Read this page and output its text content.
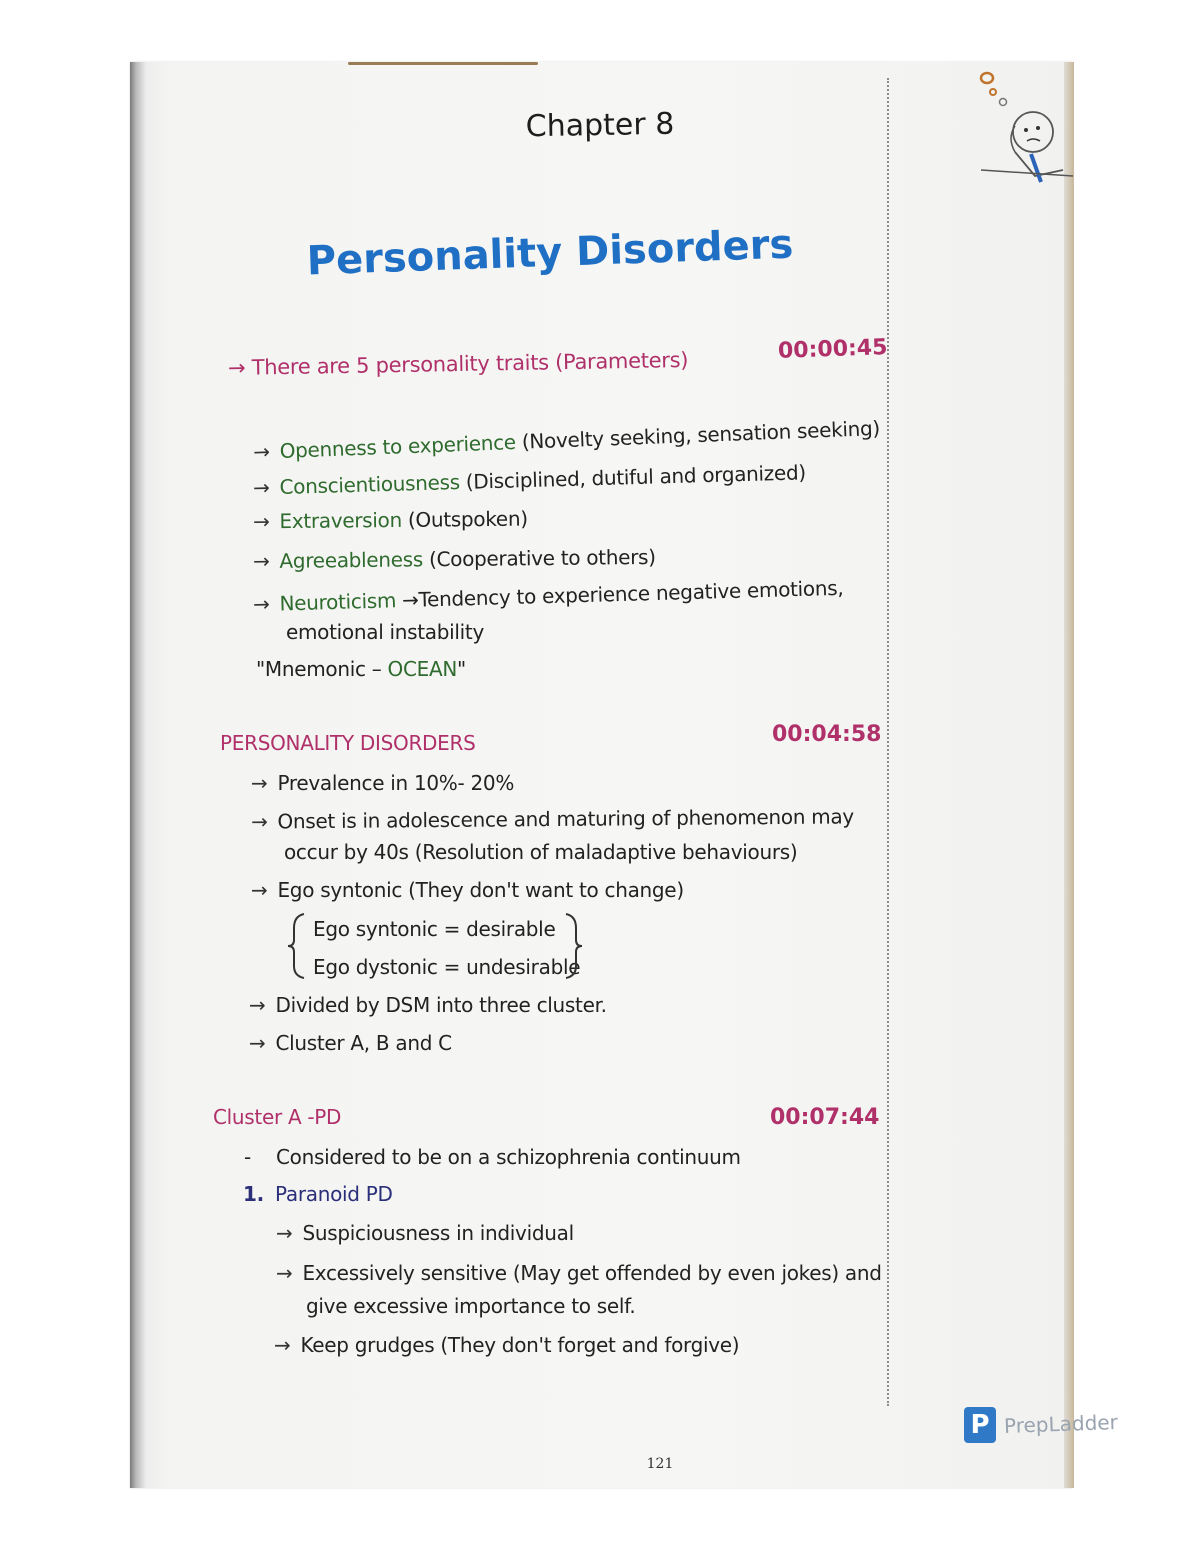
Chapter 8
Personality Disorders
→ There are 5 personality traits (Parameters)	00:00:45
→ Openness to experience (Novelty seeking, sensation seeking)
→ Conscientiousness (Disciplined, dutiful and organized)
→ Extraversion (Outspoken)
→ Agreeableness (Cooperative to others)
→ Neuroticism →Tendency to experience negative emotions,
emotional instability
"Mnemonic – OCEAN"
PERSONALITY DISORDERS	00:04:58
→ Prevalence in 10%- 20%
→ Onset is in adolescence and maturing of phenomenon may
occur by 40s (Resolution of maladaptive behaviours)
→ Ego syntonic (They don't want to change)
Ego syntonic = desirable
Ego dystonic = undesirable
→ Divided by DSM into three cluster.
→ Cluster A, B and C
Cluster A -PD	00:07:44
- Considered to be on a schizophrenia continuum
1. Paranoid PD
→ Suspiciousness in individual
→ Excessively sensitive (May get offended by even jokes) and
give excessive importance to self.
→ Keep grudges (They don't forget and forgive)
121
P PrepLadder
